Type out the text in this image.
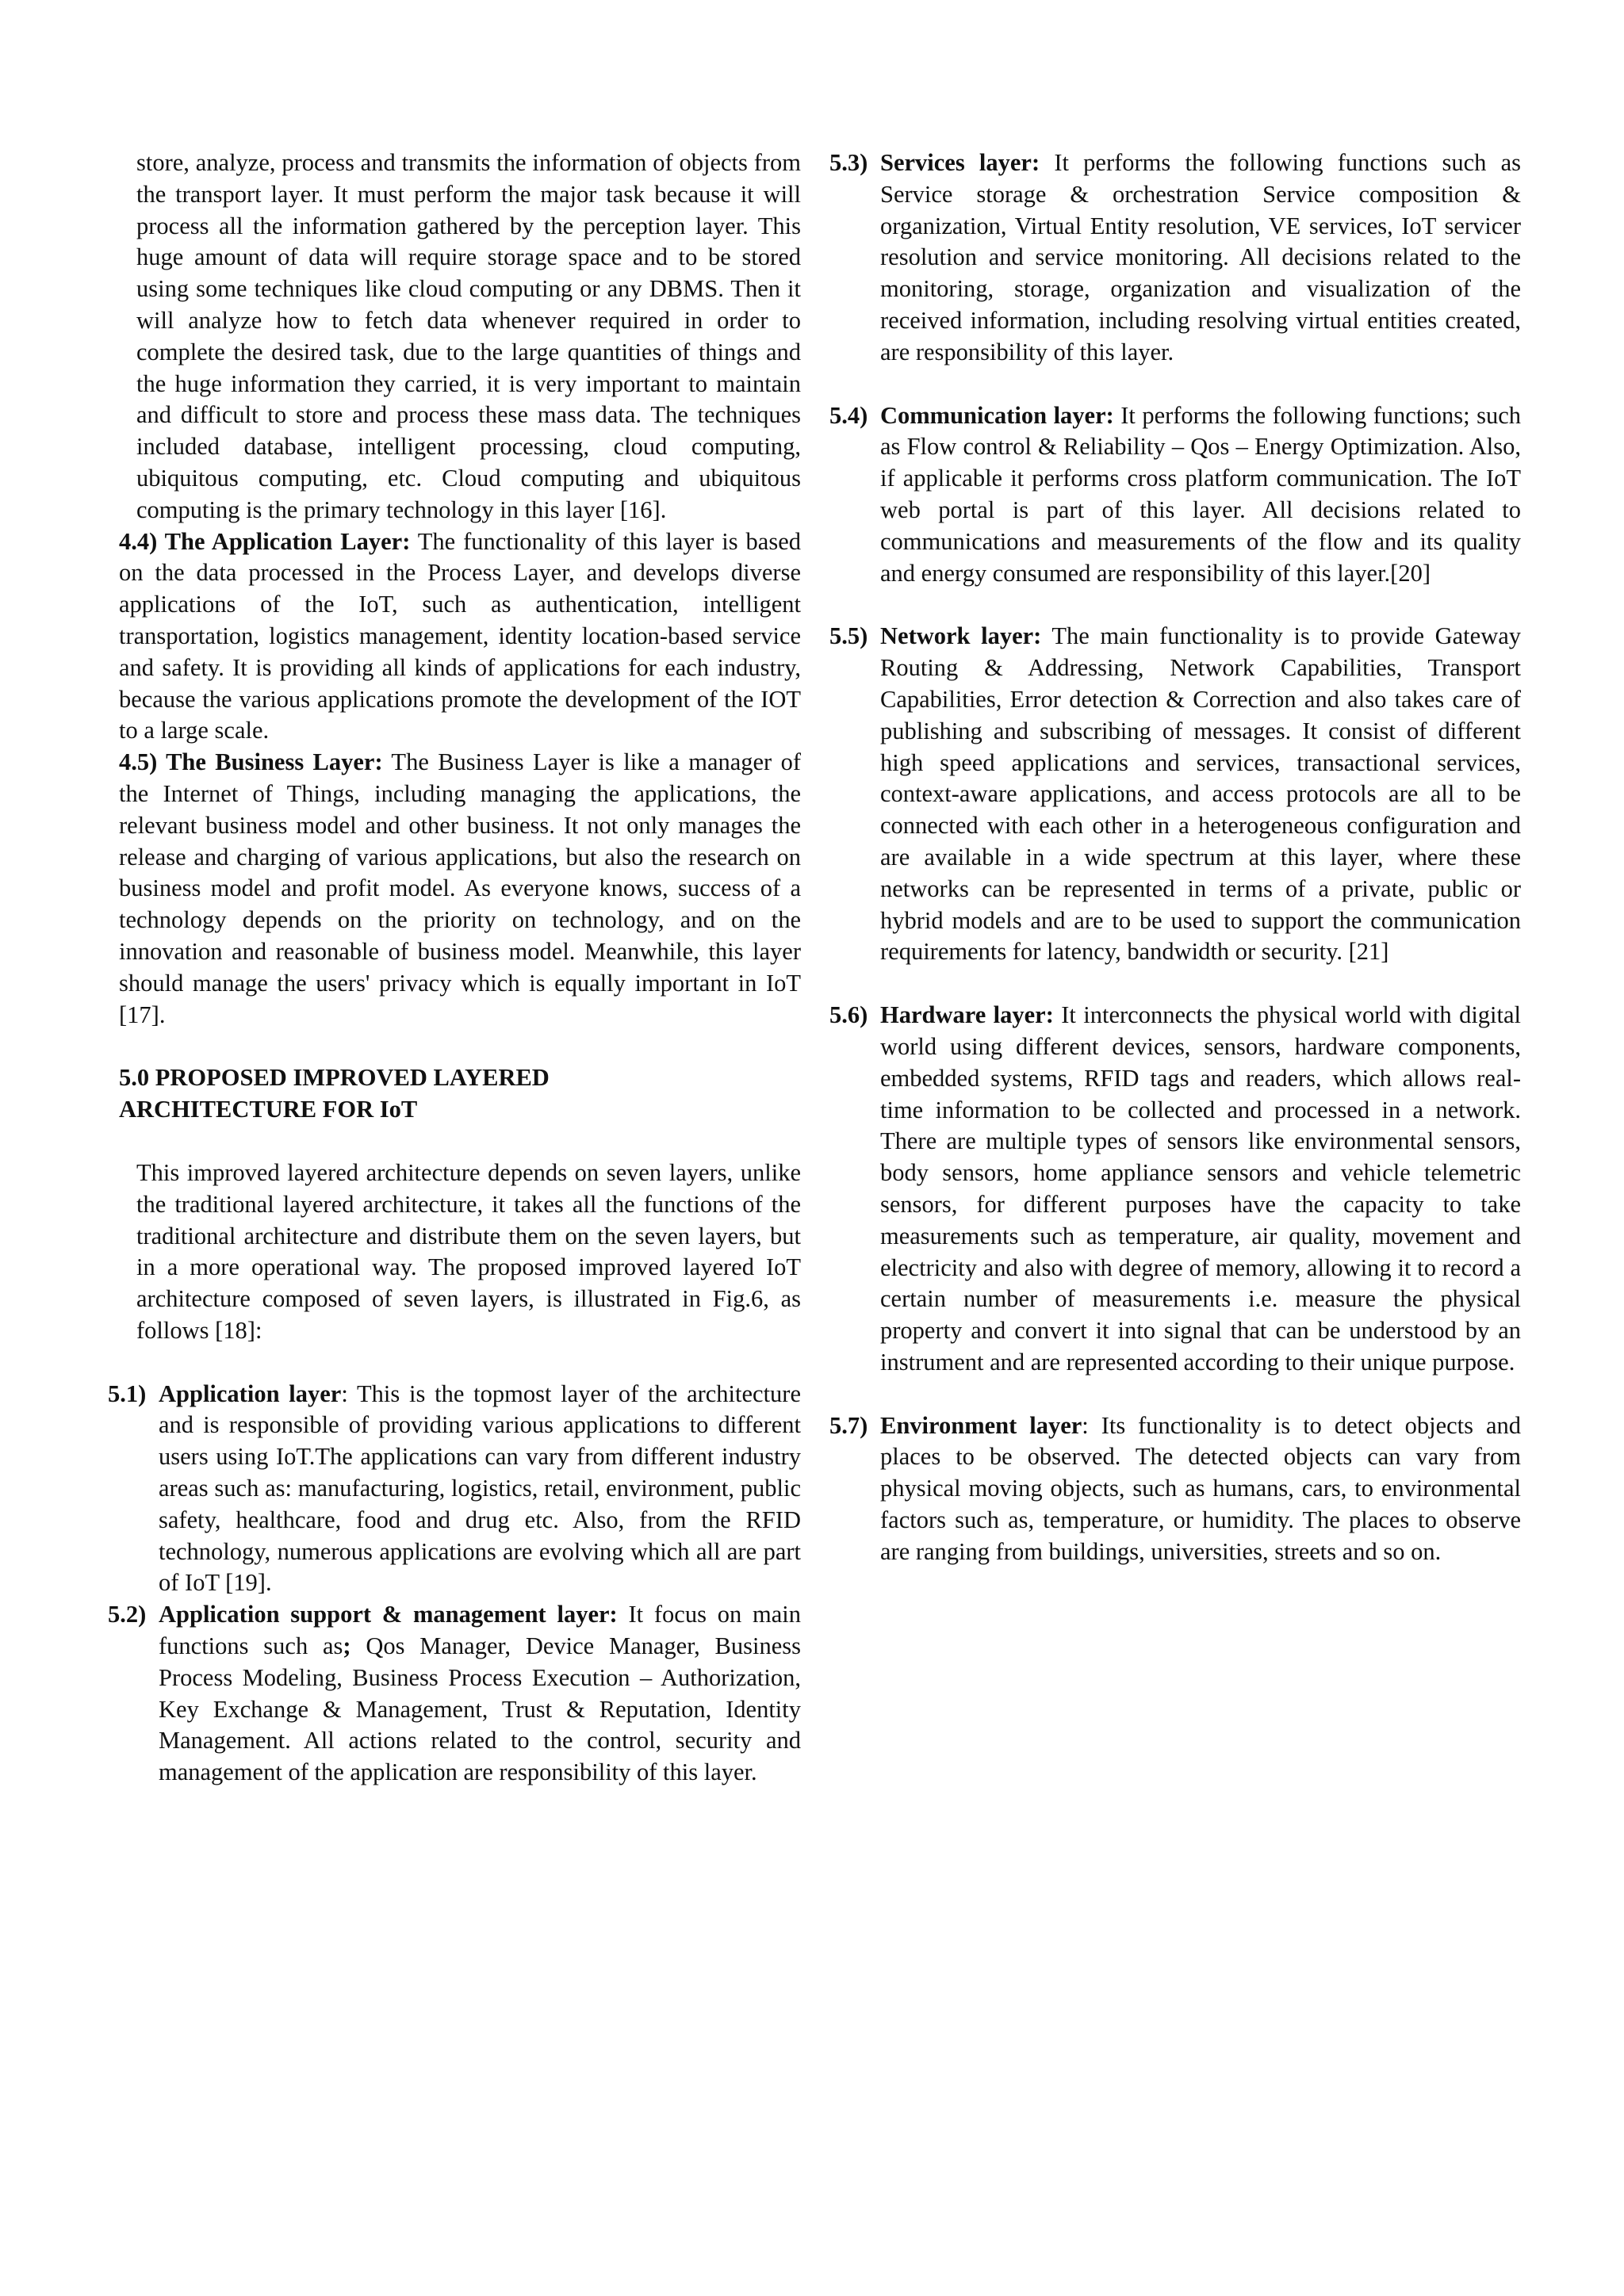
store, analyze, process and transmits the information of objects from the transport layer. It must perform the major task because it will process all the information gathered by the perception layer. This huge amount of data will require storage space and to be stored using some techniques like cloud computing or any DBMS. Then it will analyze how to fetch data whenever required in order to complete the desired task, due to the large quantities of things and the huge information they carried, it is very important to maintain and difficult to store and process these mass data. The techniques included database, intelligent processing, cloud computing, ubiquitous computing, etc. Cloud computing and ubiquitous computing is the primary technology in this layer [16].

4.4) The Application Layer: The functionality of this layer is based on the data processed in the Process Layer, and develops diverse applications of the IoT, such as authentication, intelligent transportation, logistics management, identity location-based service and safety. It is providing all kinds of applications for each industry, because the various applications promote the development of the IOT to a large scale.

4.5) The Business Layer: The Business Layer is like a manager of the Internet of Things, including managing the applications, the relevant business model and other business. It not only manages the release and charging of various applications, but also the research on business model and profit model. As everyone knows, success of a technology depends on the priority on technology, and on the innovation and reasonable of business model. Meanwhile, this layer should manage the users' privacy which is equally important in IoT [17].

5.0 PROPOSED IMPROVED LAYERED
ARCHITECTURE FOR IoT

This improved layered architecture depends on seven layers, unlike the traditional layered architecture, it takes all the functions of the traditional architecture and distribute them on the seven layers, but in a more operational way. The proposed improved layered IoT architecture composed of seven layers, is illustrated in Fig.6, as follows [18]:

5.1) Application layer: This is the topmost layer of the architecture and is responsible of providing various applications to different users using IoT.The applications can vary from different industry areas such as: manufacturing, logistics, retail, environment, public safety, healthcare, food and drug etc. Also, from the RFID technology, numerous applications are evolving which all are part of IoT [19].
5.2) Application support & management layer: It focus on main functions such as; Qos Manager, Device Manager, Business Process Modeling, Business Process Execution – Authorization, Key Exchange & Management, Trust & Reputation, Identity Management. All actions related to the control, security and management of the application are responsibility of this layer.
5.3) Services layer: It performs the following functions such as Service storage & orchestration Service composition & organization, Virtual Entity resolution, VE services, IoT servicer resolution and service monitoring. All decisions related to the monitoring, storage, organization and visualization of the received information, including resolving virtual entities created, are responsibility of this layer.
5.4) Communication layer: It performs the following functions; such as Flow control & Reliability – Qos – Energy Optimization. Also, if applicable it performs cross platform communication. The IoT web portal is part of this layer. All decisions related to communications and measurements of the flow and its quality and energy consumed are responsibility of this layer.[20]
5.5) Network layer: The main functionality is to provide Gateway Routing & Addressing, Network Capabilities, Transport Capabilities, Error detection & Correction and also takes care of publishing and subscribing of messages. It consist of different high speed applications and services, transactional services, context-aware applications, and access protocols are all to be connected with each other in a heterogeneous configuration and are available in a wide spectrum at this layer, where these networks can be represented in terms of a private, public or hybrid models and are to be used to support the communication requirements for latency, bandwidth or security. [21]
5.6) Hardware layer: It interconnects the physical world with digital world using different devices, sensors, hardware components, embedded systems, RFID tags and readers, which allows real-time information to be collected and processed in a network. There are multiple types of sensors like environmental sensors, body sensors, home appliance sensors and vehicle telemetric sensors, for different purposes have the capacity to take measurements such as temperature, air quality, movement and electricity and also with degree of memory, allowing it to record a certain number of measurements i.e. measure the physical property and convert it into signal that can be understood by an instrument and are represented according to their unique purpose.
5.7) Environment layer: Its functionality is to detect objects and places to be observed. The detected objects can vary from physical moving objects, such as humans, cars, to environmental factors such as, temperature, or humidity. The places to observe are ranging from buildings, universities, streets and so on.
